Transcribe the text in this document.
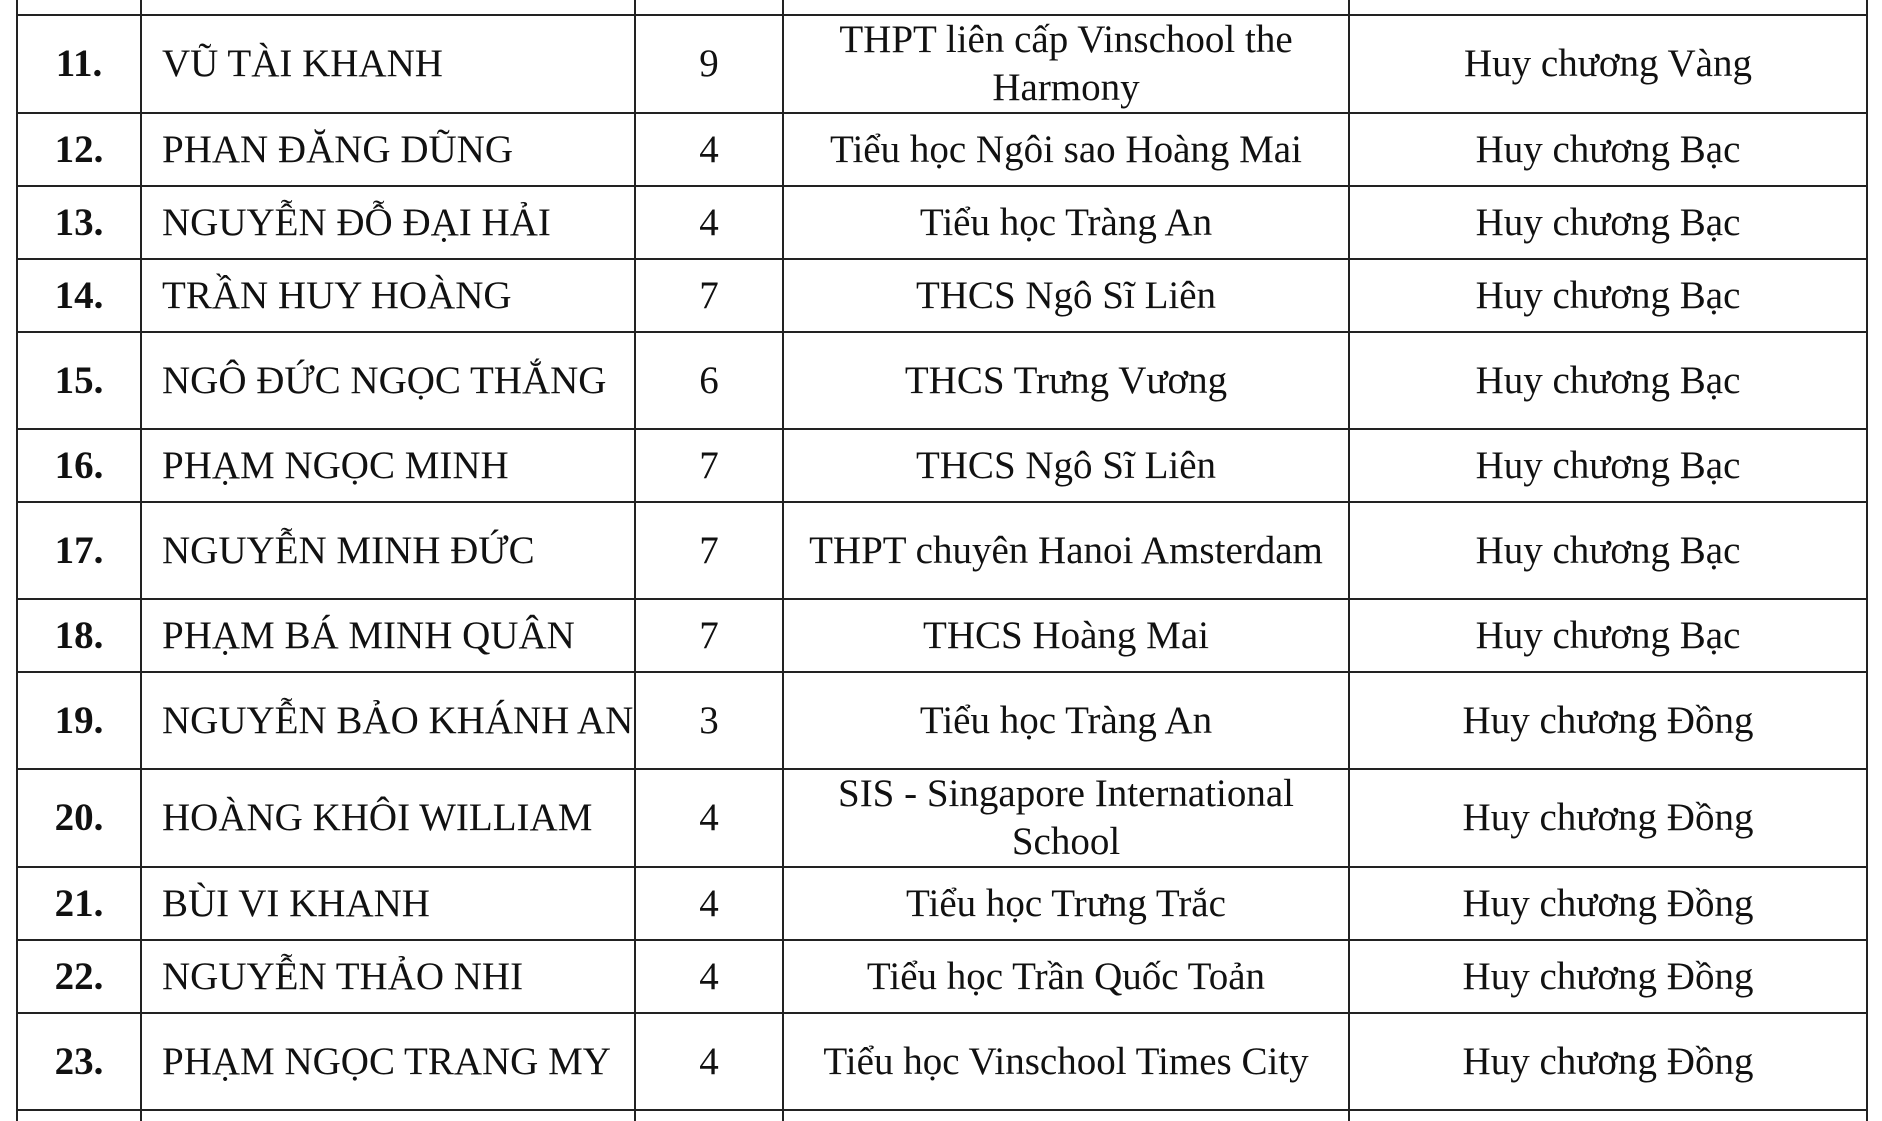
11.	VŨ TÀI KHANH	9	THPT liên cấp Vinschool the Harmony	Huy chương Vàng
12.	PHAN ĐĂNG DŨNG	4	Tiểu học Ngôi sao Hoàng Mai	Huy chương Bạc
13.	NGUYỄN ĐỖ ĐẠI HẢI	4	Tiểu học Tràng An	Huy chương Bạc
14.	TRẦN HUY HOÀNG	7	THCS Ngô Sĩ Liên	Huy chương Bạc
15.	NGÔ ĐỨC NGỌC THẮNG	6	THCS Trưng Vương	Huy chương Bạc
16.	PHẠM NGỌC MINH	7	THCS Ngô Sĩ Liên	Huy chương Bạc
17.	NGUYỄN MINH ĐỨC	7	THPT chuyên Hanoi Amsterdam	Huy chương Bạc
18.	PHẠM BÁ MINH QUÂN	7	THCS Hoàng Mai	Huy chương Bạc
19.	NGUYỄN BẢO KHÁNH AN	3	Tiểu học Tràng An	Huy chương Đồng
20.	HOÀNG KHÔI WILLIAM	4	SIS - Singapore International School	Huy chương Đồng
21.	BÙI VI KHANH	4	Tiểu học Trưng Trắc	Huy chương Đồng
22.	NGUYỄN THẢO NHI	4	Tiểu học Trần Quốc Toản	Huy chương Đồng
23.	PHẠM NGỌC TRANG MY	4	Tiểu học Vinschool Times City	Huy chương Đồng
